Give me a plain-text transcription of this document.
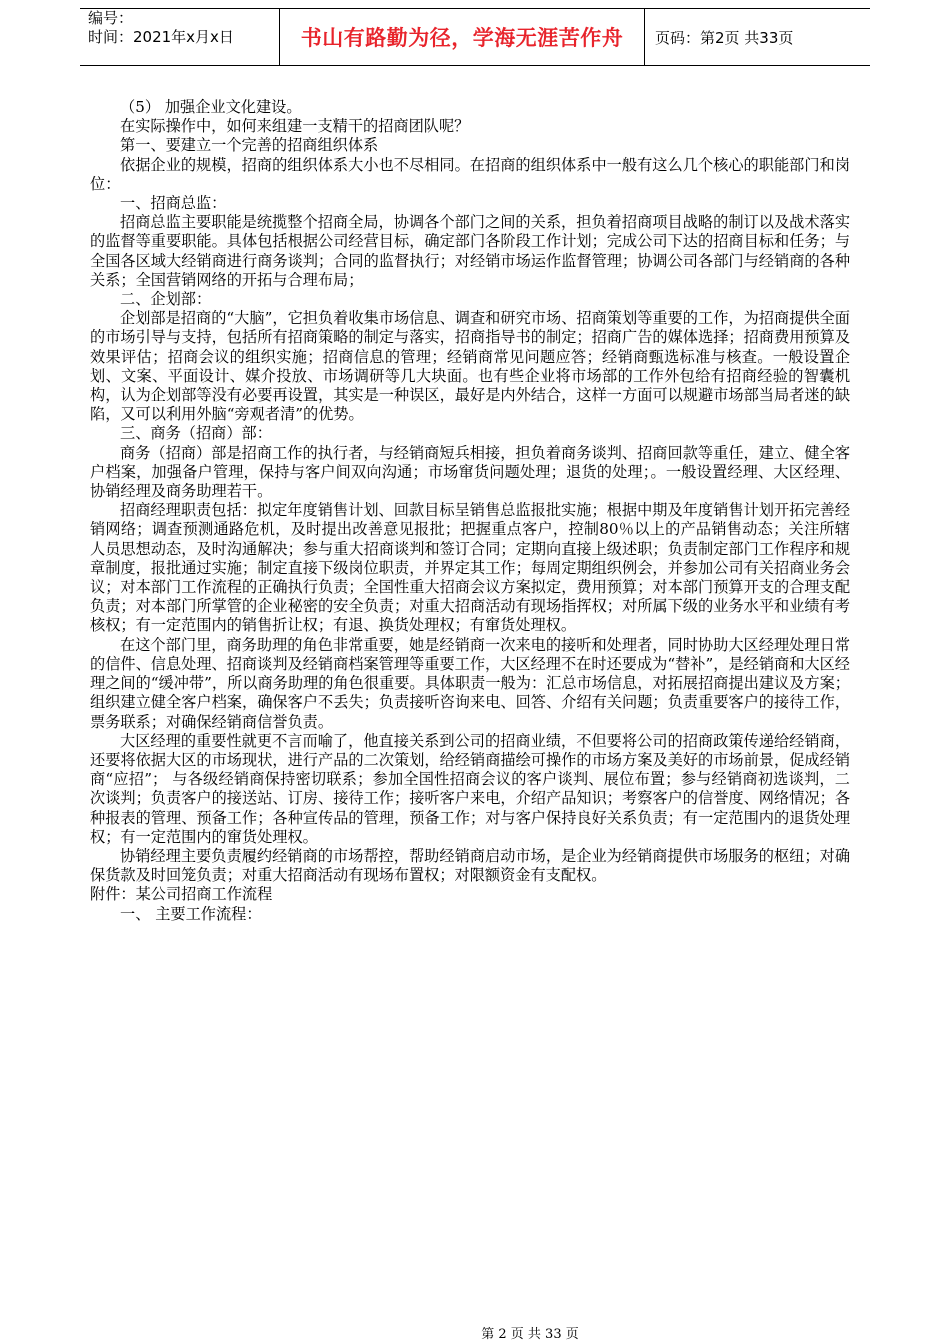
编号：
时间：2021年x月x日	书山有路勤为径，学海无涯苦作舟	页码：第2页 共33页

（5） 加强企业文化建设。

在实际操作中，如何来组建一支精干的招商团队呢？

第一、要建立一个完善的招商组织体系

依据企业的规模，招商的组织体系大小也不尽相同。在招商的组织体系中一般有这么几个核心的职能部门和岗位：

一、招商总监：

招商总监主要职能是统揽整个招商全局，协调各个部门之间的关系，担负着招商项目战略的制订以及战术落实的监督等重要职能。具体包括根据公司经营目标，确定部门各阶段工作计划；完成公司下达的招商目标和任务；与全国各区域大经销商进行商务谈判；合同的监督执行；对经销市场运作监督管理；协调公司各部门与经销商的各种关系；全国营销网络的开拓与合理布局；

二、企划部：

企划部是招商的“大脑”，它担负着收集市场信息、调查和研究市场、招商策划等重要的工作，为招商提供全面的市场引导与支持，包括所有招商策略的制定与落实，招商指导书的制定；招商广告的媒体选择；招商费用预算及效果评估；招商会议的组织实施；招商信息的管理；经销商常见问题应答；经销商甄选标准与核查。一般设置企划、文案、平面设计、媒介投放、市场调研等几大块面。也有些企业将市场部的工作外包给有招商经验的智囊机构，认为企划部等没有必要再设置，其实是一种误区，最好是内外结合，这样一方面可以规避市场部当局者迷的缺陷，又可以利用外脑“旁观者清”的优势。

三、商务（招商）部：

商务（招商）部是招商工作的执行者，与经销商短兵相接，担负着商务谈判、招商回款等重任，建立、健全客户档案，加强备户管理，保持与客户间双向沟通；市场窜货问题处理；退货的处理；。一般设置经理、大区经理、协销经理及商务助理若干。

招商经理职责包括：拟定年度销售计划、回款目标呈销售总监报批实施；根据中期及年度销售计划开拓完善经销网络；调查预测通路危机，及时提出改善意见报批；把握重点客户，控制80％以上的产品销售动态；关注所辖人员思想动态，及时沟通解决；参与重大招商谈判和签订合同；定期向直接上级述职；负责制定部门工作程序和规章制度，报批通过实施；制定直接下级岗位职责，并界定其工作；每周定期组织例会，并参加公司有关招商业务会议；对本部门工作流程的正确执行负责；全国性重大招商会议方案拟定，费用预算；对本部门预算开支的合理支配负责；对本部门所掌管的企业秘密的安全负责；对重大招商活动有现场指挥权；对所属下级的业务水平和业绩有考核权；有一定范围内的销售折让权；有退、换货处理权；有窜货处理权。

在这个部门里，商务助理的角色非常重要，她是经销商一次来电的接听和处理者，同时协助大区经理处理日常的信件、信息处理、招商谈判及经销商档案管理等重要工作，大区经理不在时还要成为“替补”，是经销商和大区经理之间的“缓冲带”，所以商务助理的角色很重要。具体职责一般为：汇总市场信息，对拓展招商提出建议及方案；组织建立健全客户档案，确保客户不丢失；负责接听咨询来电、回答、介绍有关问题；负责重要客户的接待工作，票务联系；对确保经销商信誉负责。

大区经理的重要性就更不言而喻了，他直接关系到公司的招商业绩，不但要将公司的招商政策传递给经销商，还要将依据大区的市场现状，进行产品的二次策划，给经销商描绘可操作的市场方案及美好的市场前景，促成经销商“应招”； 与各级经销商保持密切联系；参加全国性招商会议的客户谈判、展位布置；参与经销商初选谈判，二次谈判；负责客户的接送站、订房、接待工作；接听客户来电，介绍产品知识；考察客户的信誉度、网络情况；各种报表的管理、预备工作；各种宣传品的管理，预备工作；对与客户保持良好关系负责；有一定范围内的退货处理权；有一定范围内的窜货处理权。

协销经理主要负责履约经销商的市场帮控，帮助经销商启动市场，是企业为经销商提供市场服务的枢纽；对确保货款及时回笼负责；对重大招商活动有现场布置权；对限额资金有支配权。

附件：某公司招商工作流程

一、 主要工作流程：

第 2 页 共 33 页
